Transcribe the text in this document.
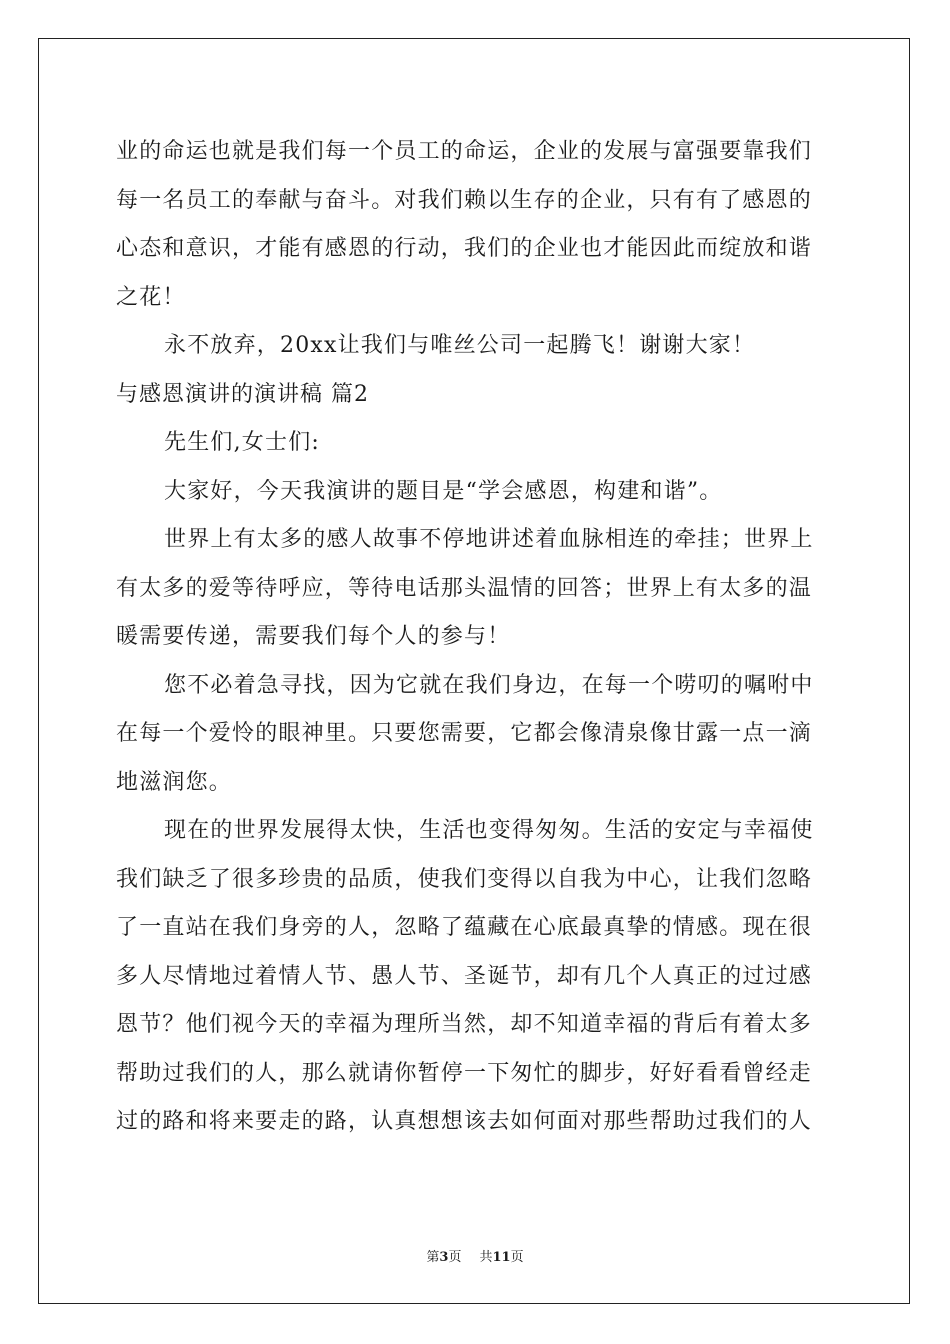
业的命运也就是我们每一个员工的命运，企业的发展与富强要靠我们
每一名员工的奉献与奋斗。对我们赖以生存的企业，只有有了感恩的
心态和意识，才能有感恩的行动，我们的企业也才能因此而绽放和谐
之花！
永不放弃，20xx让我们与唯丝公司一起腾飞！谢谢大家！
与感恩演讲的演讲稿 篇2
先生们,女士们:
大家好，今天我演讲的题目是“学会感恩，构建和谐”。
世界上有太多的感人故事不停地讲述着血脉相连的牵挂；世界上
有太多的爱等待呼应，等待电话那头温情的回答；世界上有太多的温
暖需要传递，需要我们每个人的参与！
您不必着急寻找，因为它就在我们身边，在每一个唠叨的嘱咐中
在每一个爱怜的眼神里。只要您需要，它都会像清泉像甘露一点一滴
地滋润您。
现在的世界发展得太快，生活也变得匆匆。生活的安定与幸福使
我们缺乏了很多珍贵的品质，使我们变得以自我为中心，让我们忽略
了一直站在我们身旁的人，忽略了蕴藏在心底最真挚的情感。现在很
多人尽情地过着情人节、愚人节、圣诞节，却有几个人真正的过过感
恩节？他们视今天的幸福为理所当然，却不知道幸福的背后有着太多
帮助过我们的人，那么就请你暂停一下匆忙的脚步，好好看看曾经走
过的路和将来要走的路，认真想想该去如何面对那些帮助过我们的人
第3页 共11页
